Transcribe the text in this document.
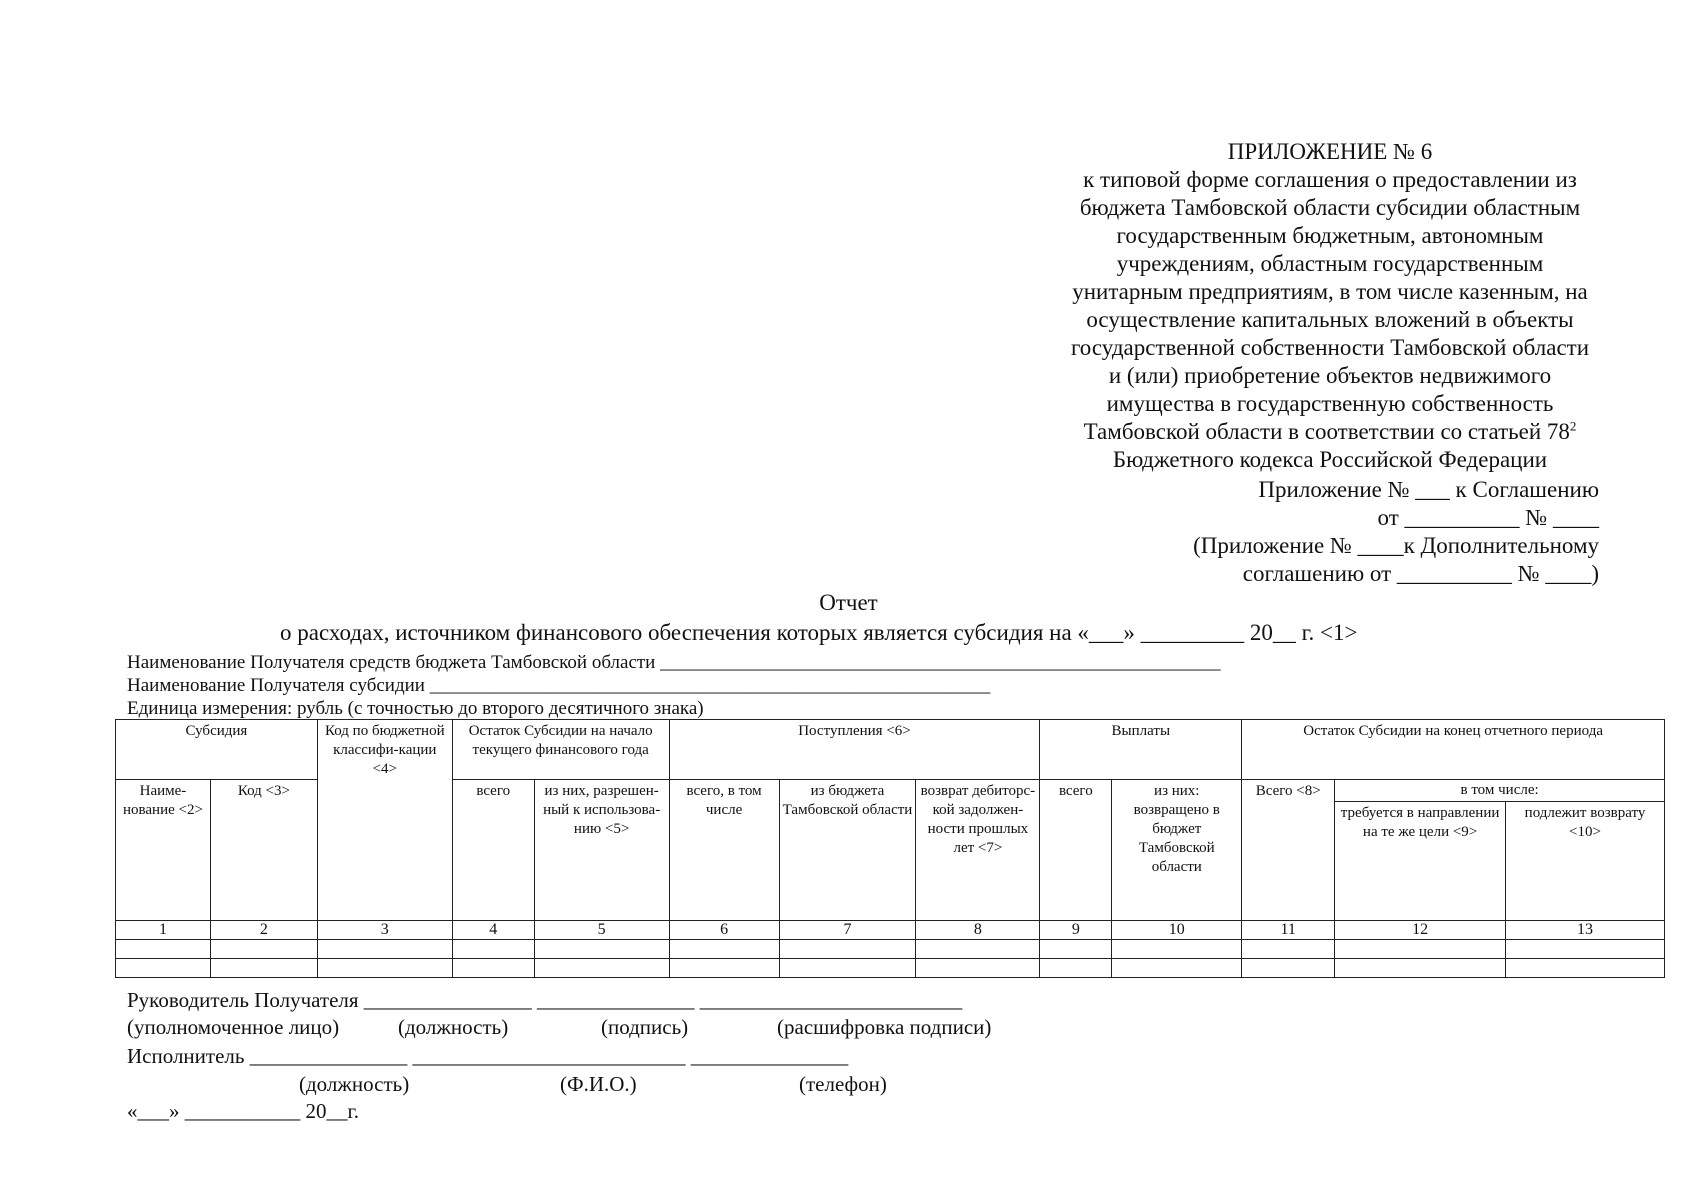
ПРИЛОЖЕНИЕ № 6
к типовой форме соглашения о предоставлении из
бюджета Тамбовской области субсидии областным
государственным бюджетным, автономным
учреждениям, областным государственным
унитарным предприятиям, в том числе казенным, на
осуществление капитальных вложений в объекты
государственной собственности Тамбовской области
и (или) приобретение объектов недвижимого
имущества в государственную собственность
Тамбовской области в соответствии со статьей $78^2$
Бюджетного кодекса Российской Федерации
Приложение № ___ к Соглашению
от __________ № ____
(Приложение № ____к Дополнительному
соглашению от __________ № ____)
Отчет
о расходах, источником финансового обеспечения которых является субсидия на «___» _________ 20__ г. <1>
Наименование Получателя средств бюджета Тамбовской области ___________________________________________________________
Наименование Получателя субсидии ___________________________________________________________
Единица измерения: рубль (с точностью до второго десятичного знака)
Субсидия		Код по бюджетной классифи-кации <4>	Остаток Субсидии на начало текущего финансового года		Поступления <6>			Выплаты		Остаток Субсидии на конец отчетного периода		
Наиме-нование <2>	Код <3>		всего	из них, разрешен-ный к использова-нию <5>	всего, в том числе	из бюджета Тамбовской области	возврат дебиторс-кой задолжен-ности прошлых лет <7>	всего	из них: возвращено в бюджет Тамбовской области	Всего <8>	в том числе:	
											требуется в направлении на те же цели <9>	подлежит возврату <10>
1	2	3	4	5	6	7	8	9	10	11	12	13

Руководитель Получателя ________________ _______________ _________________________
(уполномоченное лицо)	(должность)	(подпись)	(расшифровка подписи)
Исполнитель _______________ __________________________ _______________
(должность)	(Ф.И.О.)	(телефон)
«___» ___________ 20__г.
